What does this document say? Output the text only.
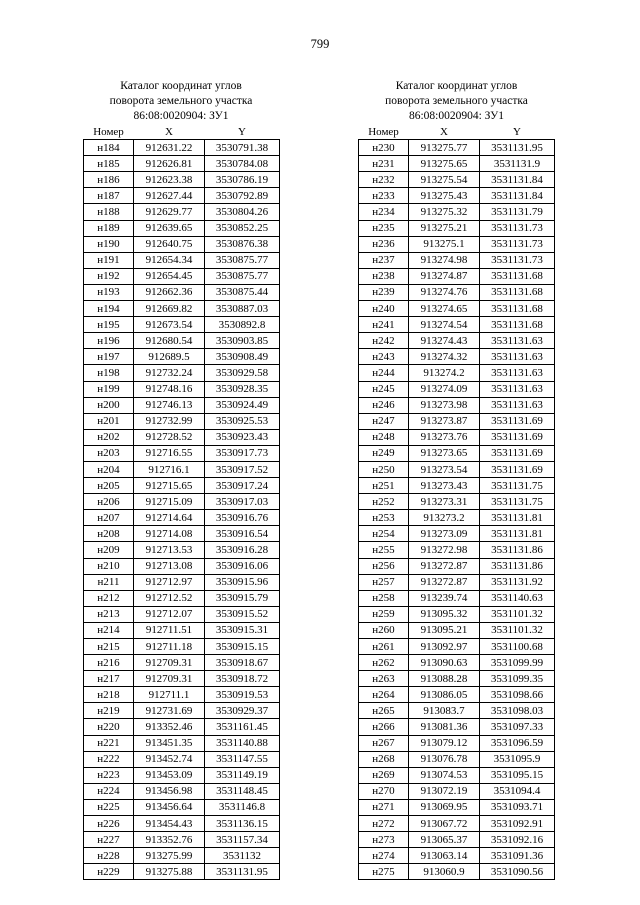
799
Каталог координат углов
поворота земельного участка
86:08:0020904: ЗУ1
Номер	X	Y
н184	912631.22	3530791.38
н185	912626.81	3530784.08
н186	912623.38	3530786.19
н187	912627.44	3530792.89
н188	912629.77	3530804.26
н189	912639.65	3530852.25
н190	912640.75	3530876.38
н191	912654.34	3530875.77
н192	912654.45	3530875.77
н193	912662.36	3530875.44
н194	912669.82	3530887.03
н195	912673.54	3530892.8
н196	912680.54	3530903.85
н197	912689.5	3530908.49
н198	912732.24	3530929.58
н199	912748.16	3530928.35
н200	912746.13	3530924.49
н201	912732.99	3530925.53
н202	912728.52	3530923.43
н203	912716.55	3530917.73
н204	912716.1	3530917.52
н205	912715.65	3530917.24
н206	912715.09	3530917.03
н207	912714.64	3530916.76
н208	912714.08	3530916.54
н209	912713.53	3530916.28
н210	912713.08	3530916.06
н211	912712.97	3530915.96
н212	912712.52	3530915.79
н213	912712.07	3530915.52
н214	912711.51	3530915.31
н215	912711.18	3530915.15
н216	912709.31	3530918.67
н217	912709.31	3530918.72
н218	912711.1	3530919.53
н219	912731.69	3530929.37
н220	913352.46	3531161.45
н221	913451.35	3531140.88
н222	913452.74	3531147.55
н223	913453.09	3531149.19
н224	913456.98	3531148.45
н225	913456.64	3531146.8
н226	913454.43	3531136.15
н227	913352.76	3531157.34
н228	913275.99	3531132
н229	913275.88	3531131.95
Каталог координат углов
поворота земельного участка
86:08:0020904: ЗУ1
Номер	X	Y
н230	913275.77	3531131.95
н231	913275.65	3531131.9
н232	913275.54	3531131.84
н233	913275.43	3531131.84
н234	913275.32	3531131.79
н235	913275.21	3531131.73
н236	913275.1	3531131.73
н237	913274.98	3531131.73
н238	913274.87	3531131.68
н239	913274.76	3531131.68
н240	913274.65	3531131.68
н241	913274.54	3531131.68
н242	913274.43	3531131.63
н243	913274.32	3531131.63
н244	913274.2	3531131.63
н245	913274.09	3531131.63
н246	913273.98	3531131.63
н247	913273.87	3531131.69
н248	913273.76	3531131.69
н249	913273.65	3531131.69
н250	913273.54	3531131.69
н251	913273.43	3531131.75
н252	913273.31	3531131.75
н253	913273.2	3531131.81
н254	913273.09	3531131.81
н255	913272.98	3531131.86
н256	913272.87	3531131.86
н257	913272.87	3531131.92
н258	913239.74	3531140.63
н259	913095.32	3531101.32
н260	913095.21	3531101.32
н261	913092.97	3531100.68
н262	913090.63	3531099.99
н263	913088.28	3531099.35
н264	913086.05	3531098.66
н265	913083.7	3531098.03
н266	913081.36	3531097.33
н267	913079.12	3531096.59
н268	913076.78	3531095.9
н269	913074.53	3531095.15
н270	913072.19	3531094.4
н271	913069.95	3531093.71
н272	913067.72	3531092.91
н273	913065.37	3531092.16
н274	913063.14	3531091.36
н275	913060.9	3531090.56
